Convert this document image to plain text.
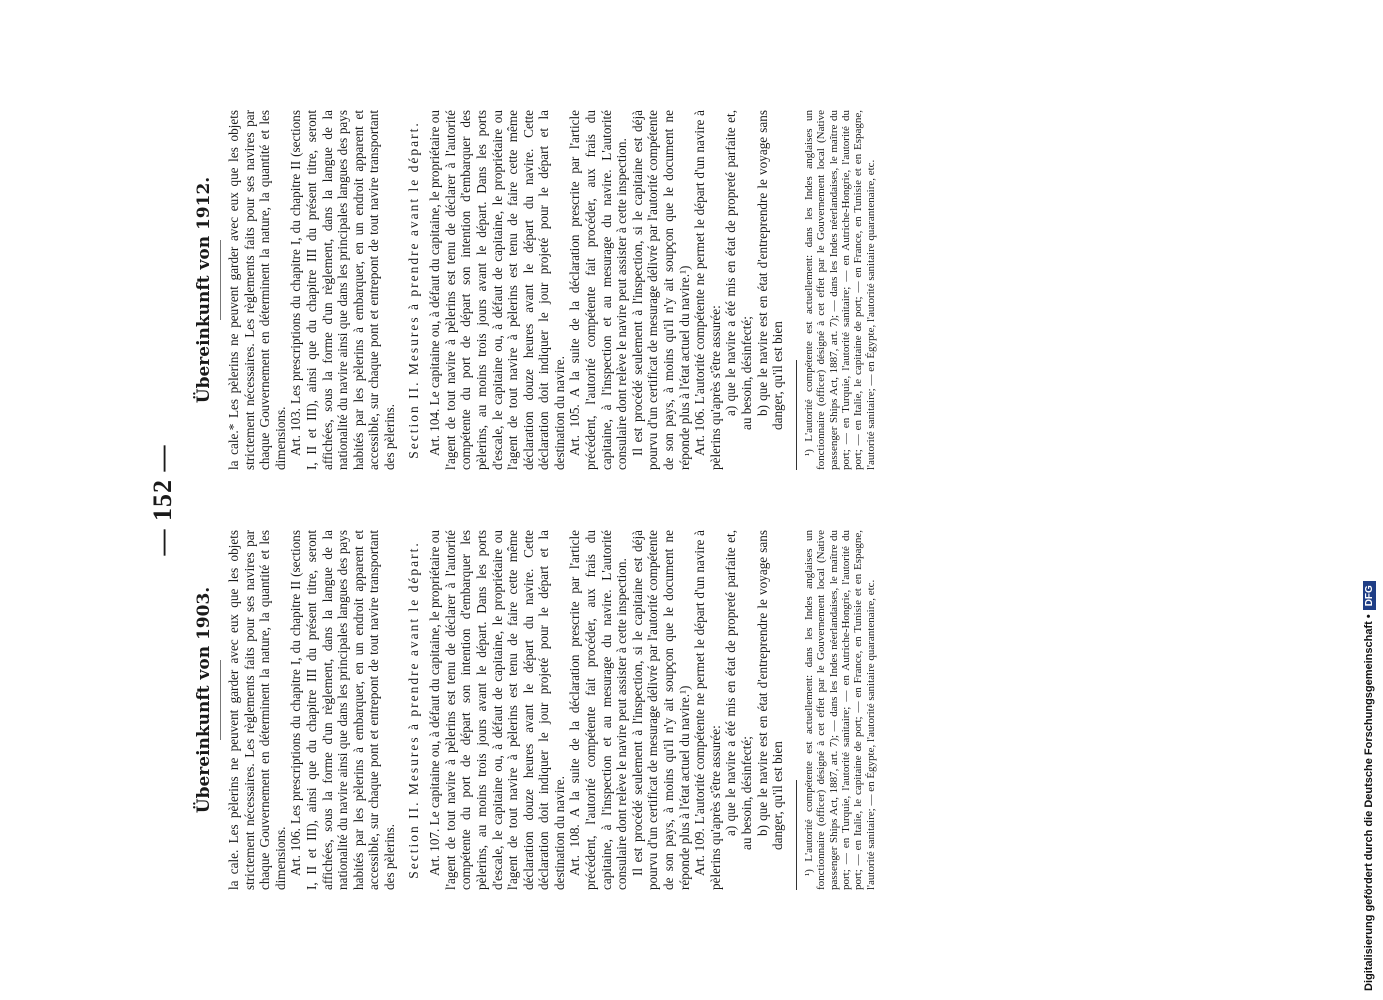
— 152 —
Übereinkunft von 1903.
Übereinkunft von 1912.

la cale. Les pèlerins ne peuvent garder avec eux que les objets strictement nécessaires. Les règlements faits pour ses navires par chaque Gouvernement en déterminent la nature, la quantité et les dimensions. Art. 106. Les prescriptions du chapitre I, du chapitre II (sections I, II et III), ainsi que du chapitre III du présent titre, seront affichées, sous la forme d'un règlement, dans la langue de la nationalité du navire ainsi que dans les principales langues des pays habités par les pèlerins à embarquer, en un endroit apparent et accessible, sur chaque pont et entrepont de tout navire transportant des pèlerins. Section II. Mesures à prendre avant le départ. Art. 107. Le capitaine ou, à défaut du capitaine, le propriétaire ou l'agent de tout navire à pèlerins est tenu de déclarer à l'autorité compétente du port de départ son intention d'embarquer les pèlerins, au moins trois jours avant le départ. Dans les ports d'escale, le capitaine ou, à défaut de capitaine, le propriétaire ou l'agent de tout navire à pèlerins est tenu de faire cette même déclaration douze heures avant le départ du navire. Cette déclaration doit indiquer le jour projeté pour le départ et la destination du navire. Art. 108. A la suite de la déclaration prescrite par l'article précédent, l'autorité compétente fait procéder, aux frais du capitaine, à l'inspection et au mesurage du navire. L'autorité consulaire dont relève le navire peut assister à cette inspection. Il est procédé seulement à l'inspection, si le capitaine est déjà pourvu d'un certificat de mesurage délivré par l'autorité compétente de son pays, à moins qu'il n'y ait soupçon que le document ne réponde plus à l'état actuel du navire.¹) Art. 109. L'autorité compétente ne permet le départ d'un navire à pèlerins qu'après s'être assurée: a) que le navire a été mis en état de propreté parfaite et, au besoin, désinfecté; b) que le navire est en état d'entreprendre le voyage sans danger, qu'il est bien ¹) L'autorité compétente est actuellement: dans les Indes anglaises un fonctionnaire (officer) désigné à cet effet par le Gouvernement local (Native passenger Ships Act, 1887, art. 7); — dans les Indes néerlandaises, le maître du port; — en Turquie, l'autorité sanitaire; — en Autriche-Hongrie, l'autorité du port; — en Italie, le capitaine de port; — en France, en Tunisie et en Espagne, l'autorité sanitaire; — en Égypte, l'autorité sanitaire quarantenaire, etc.

la cale.* Les pèlerins ne peuvent garder avec eux que les objets strictement nécessaires. Les règlements faits pour ses navires par chaque Gouvernement en déterminent la nature, la quantité et les dimensions. Art. 103. Les prescriptions du chapitre I, du chapitre II (sections I, II et III), ainsi que du chapitre III du présent titre, seront affichées, sous la forme d'un règlement, dans la langue de la nationalité du navire ainsi que dans les principales langues des pays habités par les pèlerins à embarquer, en un endroit apparent et accessible, sur chaque pont et entrepont de tout navire transportant des pèlerins. Section II. Mesures à prendre avant le départ. Art. 104. Le capitaine ou, à défaut du capitaine, le propriétaire ou l'agent de tout navire à pèlerins est tenu de déclarer à l'autorité compétente du port de départ son intention d'embarquer des pèlerins, au moins trois jours avant le départ. Dans les ports d'escale, le capitaine ou, à défaut de capitaine, le propriétaire ou l'agent de tout navire à pèlerins est tenu de faire cette même déclaration douze heures avant le départ du navire. Cette déclaration doit indiquer le jour projeté pour le départ et la destination du navire. Art. 105. A la suite de la déclaration prescrite par l'article précédent, l'autorité compétente fait procéder, aux frais du capitaine, à l'inspection et au mesurage du navire. L'autorité consulaire dont relève le navire peut assister à cette inspection. Il est procédé seulement à l'inspection, si le capitaine est déjà pourvu d'un certificat de mesurage délivré par l'autorité compétente de son pays, à moins qu'il n'y ait soupçon que le document ne réponde plus à l'état actuel du navire.¹) Art. 106. L'autorité compétente ne permet le départ d'un navire à pèlerins qu'après s'être assurée: a) que le navire a été mis en état de propreté parfaite et, au besoin, désinfecté; b) que le navire est en état d'entreprendre le voyage sans danger, qu'il est bien ¹) L'autorité compétente est actuellement: dans les Indes anglaises un fonctionnaire (officer) désigné à cet effet par le Gouvernement local (Native passenger Ships Act, 1887, art. 7); — dans les Indes néerlandaises, le maître du port; — en Turquie, l'autorité sanitaire; — en Autriche-Hongrie, l'autorité du port; — en Italie, le capitaine de port; — en France, en Tunisie et en Espagne, l'autorité sanitaire; — en Égypte, l'autorité sanitaire quarantenaire, etc.

Digitalisierung gefördert durch die Deutsche Forschungsgemeinschaft •DFG
